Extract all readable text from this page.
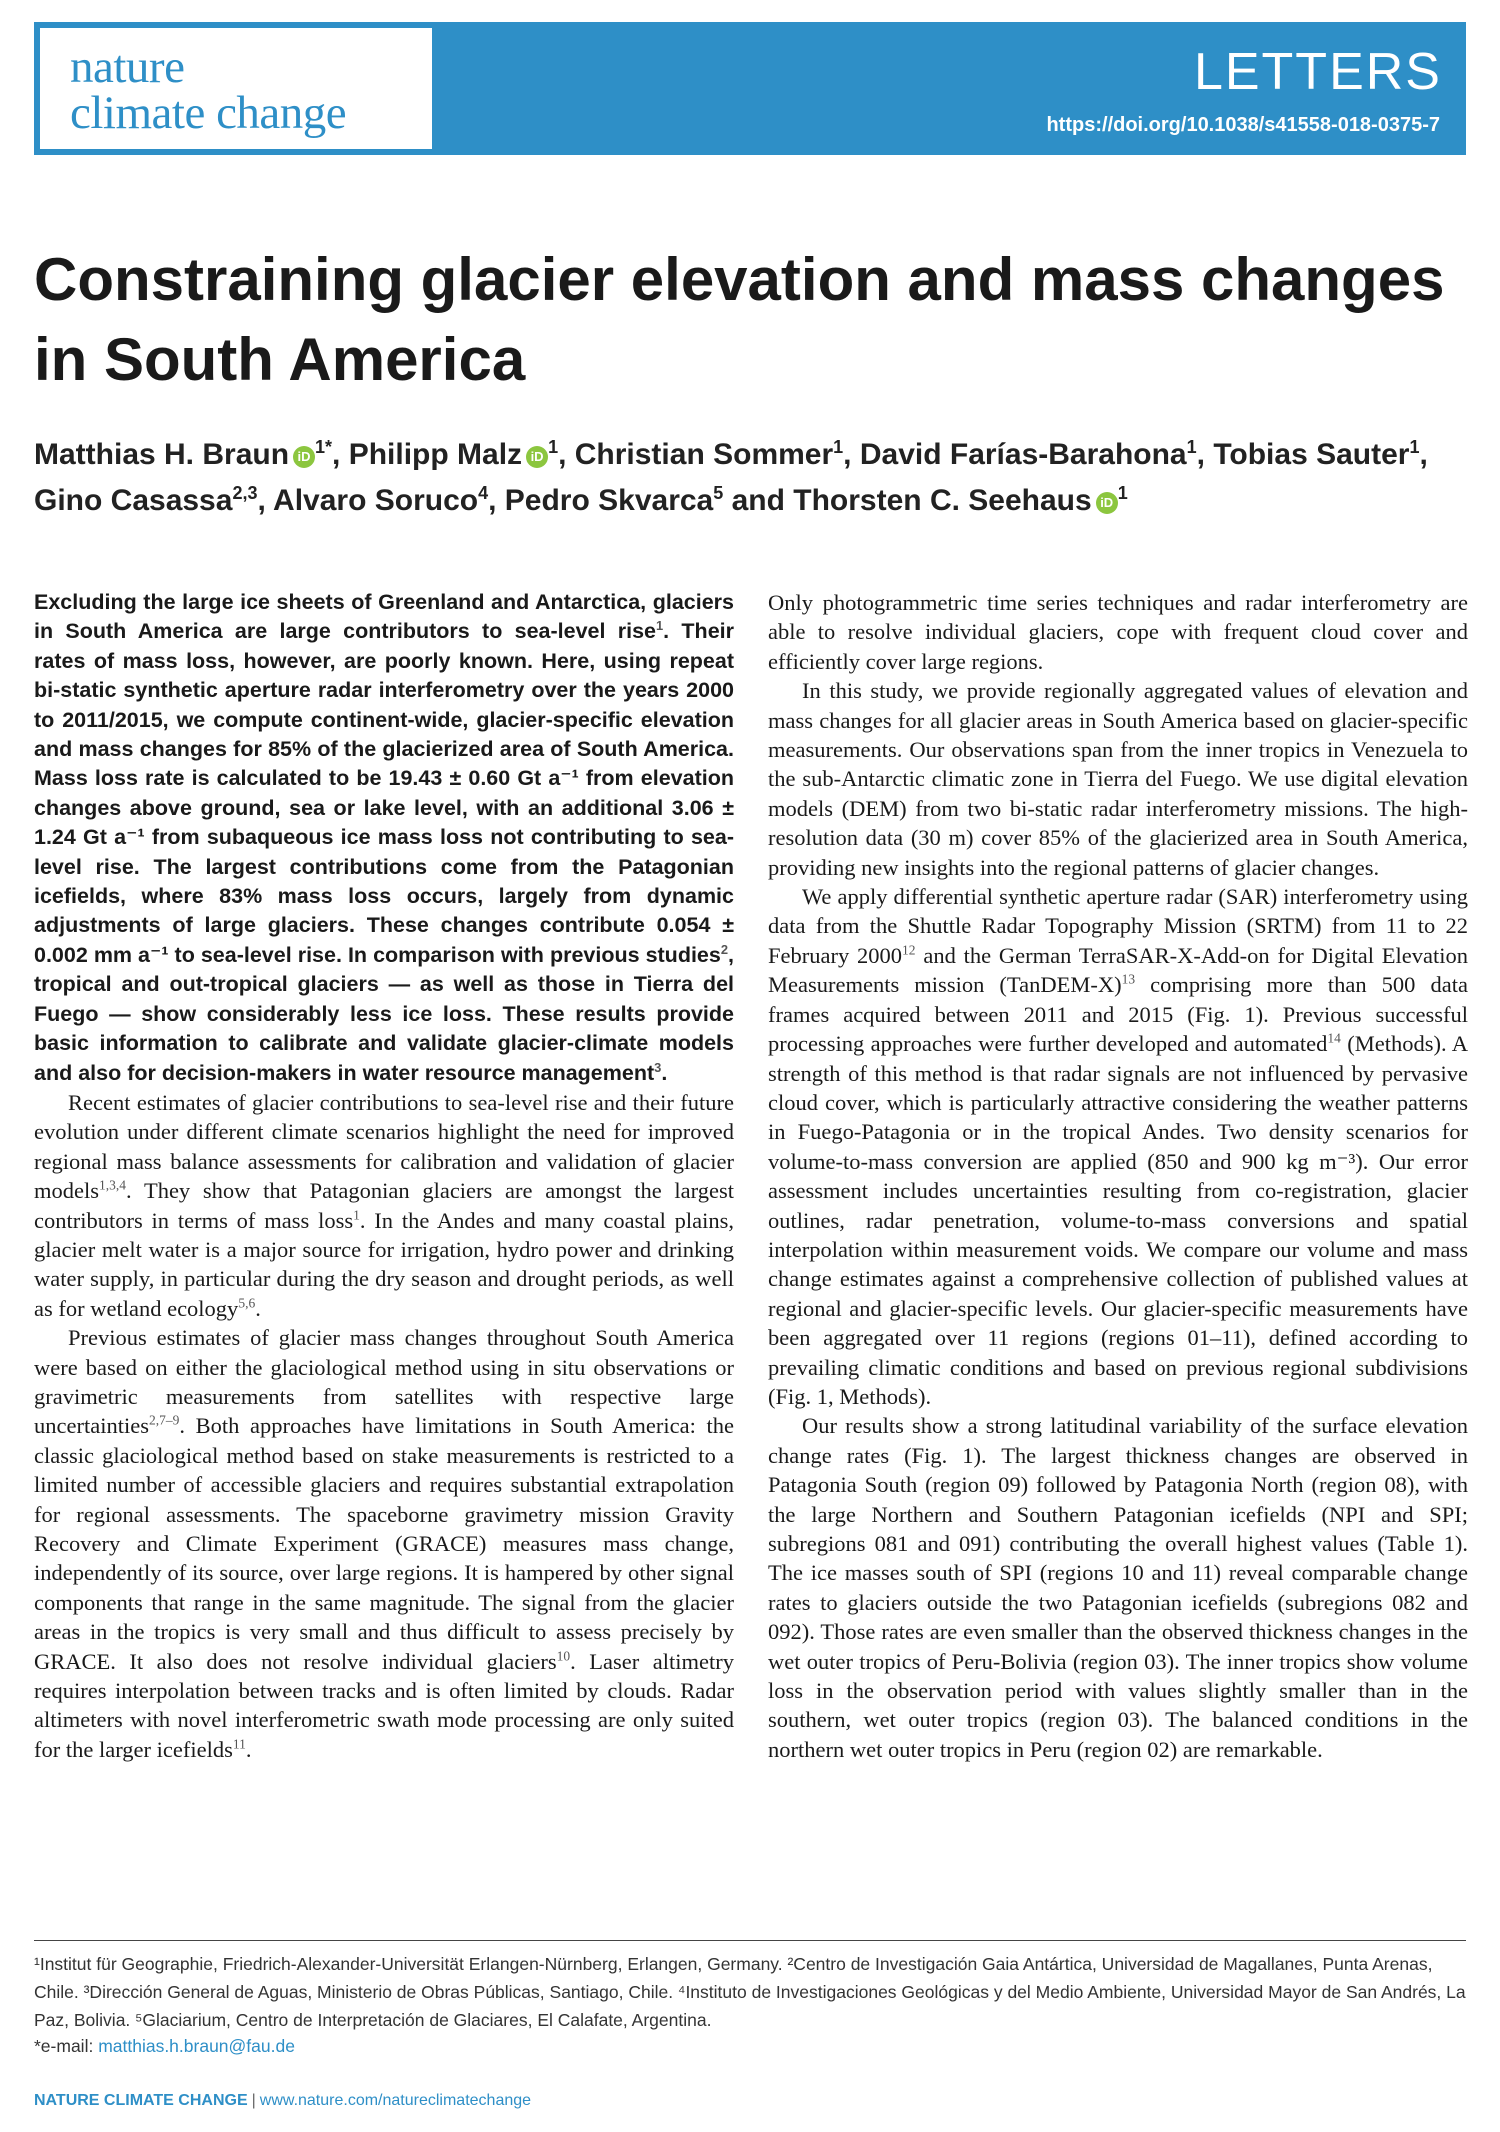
nature
climate change
LETTERS
https://doi.org/10.1038/s41558-018-0375-7
Constraining glacier elevation and mass changes in South America
Matthias H. Braun iD $^{1*}$, Philipp Malz iD $^1$, Christian Sommer$^1$, David Farías-Barahona$^1$, Tobias Sauter$^1$,
Gino Casassa$^{2,3}$, Alvaro Soruco$^4$, Pedro Skvarca$^5$ and Thorsten C. Seehaus iD $^1$

Excluding the large ice sheets of Greenland and Antarctica, glaciers in South America are large contributors to sea-level rise$^1$. Their rates of mass loss, however, are poorly known. Here, using repeat bi-static synthetic aperture radar interferometry over the years 2000 to 2011/2015, we compute continent-wide, glacier-specific elevation and mass changes for 85% of the glacierized area of South America. Mass loss rate is calculated to be 19.43 ± 0.60 Gt a⁻¹ from elevation changes above ground, sea or lake level, with an additional 3.06 ± 1.24 Gt a⁻¹ from subaqueous ice mass loss not contributing to sea-level rise. The largest contributions come from the Patagonian icefields, where 83% mass loss occurs, largely from dynamic adjustments of large glaciers. These changes contribute 0.054 ± 0.002 mm a⁻¹ to sea-level rise. In comparison with previous studies$^2$, tropical and out-tropical glaciers — as well as those in Tierra del Fuego — show considerably less ice loss. These results provide basic information to calibrate and validate glacier-climate models and also for decision-makers in water resource management$^3$.

Recent estimates of glacier contributions to sea-level rise and their future evolution under different climate scenarios highlight the need for improved regional mass balance assessments for calibration and validation of glacier models$^{1,3,4}$. They show that Patagonian glaciers are amongst the largest contributors in terms of mass loss$^1$. In the Andes and many coastal plains, glacier melt water is a major source for irrigation, hydro power and drinking water supply, in particular during the dry season and drought periods, as well as for wetland ecology$^{5,6}$.

Previous estimates of glacier mass changes throughout South America were based on either the glaciological method using in situ observations or gravimetric measurements from satellites with respective large uncertainties$^{2,7-9}$. Both approaches have limitations in South America: the classic glaciological method based on stake measurements is restricted to a limited number of accessible glaciers and requires substantial extrapolation for regional assessments. The spaceborne gravimetry mission Gravity Recovery and Climate Experiment (GRACE) measures mass change, independently of its source, over large regions. It is hampered by other signal components that range in the same magnitude. The signal from the glacier areas in the tropics is very small and thus difficult to assess precisely by GRACE. It also does not resolve individual glaciers$^{10}$. Laser altimetry requires interpolation between tracks and is often limited by clouds. Radar altimeters with novel interferometric swath mode processing are only suited for the larger icefields$^{11}$.

Only photogrammetric time series techniques and radar interferometry are able to resolve individual glaciers, cope with frequent cloud cover and efficiently cover large regions.

In this study, we provide regionally aggregated values of elevation and mass changes for all glacier areas in South America based on glacier-specific measurements. Our observations span from the inner tropics in Venezuela to the sub-Antarctic climatic zone in Tierra del Fuego. We use digital elevation models (DEM) from two bi-static radar interferometry missions. The high-resolution data (30 m) cover 85% of the glacierized area in South America, providing new insights into the regional patterns of glacier changes.

We apply differential synthetic aperture radar (SAR) interferometry using data from the Shuttle Radar Topography Mission (SRTM) from 11 to 22 February 2000$^{12}$ and the German TerraSAR-X-Add-on for Digital Elevation Measurements mission (TanDEM-X)$^{13}$ comprising more than 500 data frames acquired between 2011 and 2015 (Fig. 1). Previous successful processing approaches were further developed and automated$^{14}$ (Methods). A strength of this method is that radar signals are not influenced by pervasive cloud cover, which is particularly attractive considering the weather patterns in Fuego-Patagonia or in the tropical Andes. Two density scenarios for volume-to-mass conversion are applied (850 and 900 kg m⁻³). Our error assessment includes uncertainties resulting from co-registration, glacier outlines, radar penetration, volume-to-mass conversions and spatial interpolation within measurement voids. We compare our volume and mass change estimates against a comprehensive collection of published values at regional and glacier-specific levels. Our glacier-specific measurements have been aggregated over 11 regions (regions 01–11), defined according to prevailing climatic conditions and based on previous regional subdivisions (Fig. 1, Methods).

Our results show a strong latitudinal variability of the surface elevation change rates (Fig. 1). The largest thickness changes are observed in Patagonia South (region 09) followed by Patagonia North (region 08), with the large Northern and Southern Patagonian icefields (NPI and SPI; subregions 081 and 091) contributing the overall highest values (Table 1). The ice masses south of SPI (regions 10 and 11) reveal comparable change rates to glaciers outside the two Patagonian icefields (subregions 082 and 092). Those rates are even smaller than the observed thickness changes in the wet outer tropics of Peru-Bolivia (region 03). The inner tropics show volume loss in the observation period with values slightly smaller than in the southern, wet outer tropics (region 03). The balanced conditions in the northern wet outer tropics in Peru (region 02) are remarkable.

¹Institut für Geographie, Friedrich-Alexander-Universität Erlangen-Nürnberg, Erlangen, Germany. ²Centro de Investigación Gaia Antártica, Universidad de Magallanes, Punta Arenas, Chile. ³Dirección General de Aguas, Ministerio de Obras Públicas, Santiago, Chile. ⁴Instituto de Investigaciones Geológicas y del Medio Ambiente, Universidad Mayor de San Andrés, La Paz, Bolivia. ⁵Glaciarium, Centro de Interpretación de Glaciares, El Calafate, Argentina.

*e-mail: matthias.h.braun@fau.de
NATURE CLIMATE CHANGE | www.nature.com/natureclimatechange
